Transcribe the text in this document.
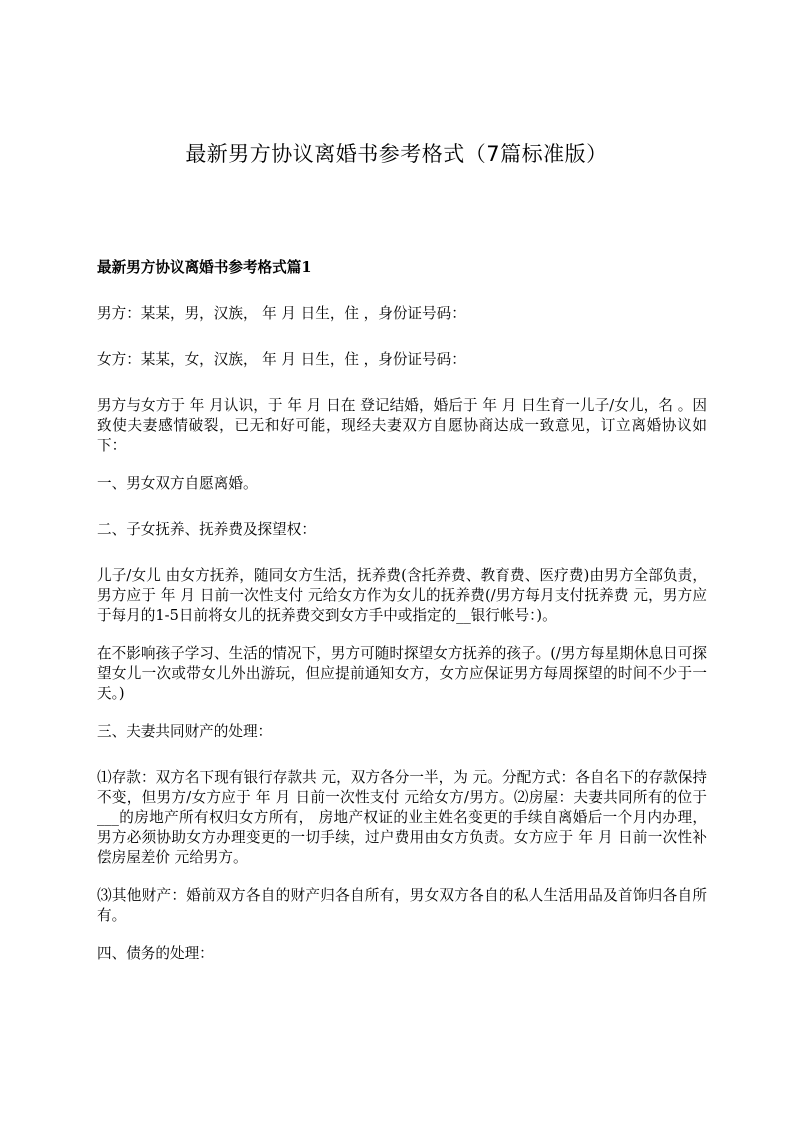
最新男方协议离婚书参考格式（7篇标准版）
最新男方协议离婚书参考格式篇1

男方：某某，男，汉族， 年 月 日生，住 ，身份证号码：

女方：某某，女，汉族， 年 月 日生，住 ，身份证号码：

男方与女方于 年 月认识，于 年 月 日在 登记结婚，婚后于 年 月 日生育一儿子/女儿，名 。因 致使夫妻感情破裂，已无和好可能，现经夫妻双方自愿协商达成一致意见，订立离婚协议如下：

一、男女双方自愿离婚。

二、子女抚养、抚养费及探望权：

儿子/女儿 由女方抚养，随同女方生活，抚养费(含托养费、教育费、医疗费)由男方全部负责，男方应于 年 月 日前一次性支付 元给女方作为女儿的抚养费(/男方每月支付抚养费 元，男方应于每月的1-5日前将女儿的抚养费交到女方手中或指定的__银行帐号：)。

在不影响孩子学习、生活的情况下，男方可随时探望女方抚养的孩子。(/男方每星期休息日可探望女儿一次或带女儿外出游玩，但应提前通知女方，女方应保证男方每周探望的时间不少于一天。)

三、夫妻共同财产的处理：

⑴存款：双方名下现有银行存款共 元，双方各分一半，为 元。分配方式：各自名下的存款保持不变，但男方/女方应于 年 月 日前一次性支付 元给女方/男方。⑵房屋：夫妻共同所有的位于___的房地产所有权归女方所有， 房地产权证的业主姓名变更的手续自离婚后一个月内办理，男方必须协助女方办理变更的一切手续，过户费用由女方负责。女方应于 年 月 日前一次性补偿房屋差价 元给男方。

⑶其他财产：婚前双方各自的财产归各自所有，男女双方各自的私人生活用品及首饰归各自所有。

四、债务的处理：
